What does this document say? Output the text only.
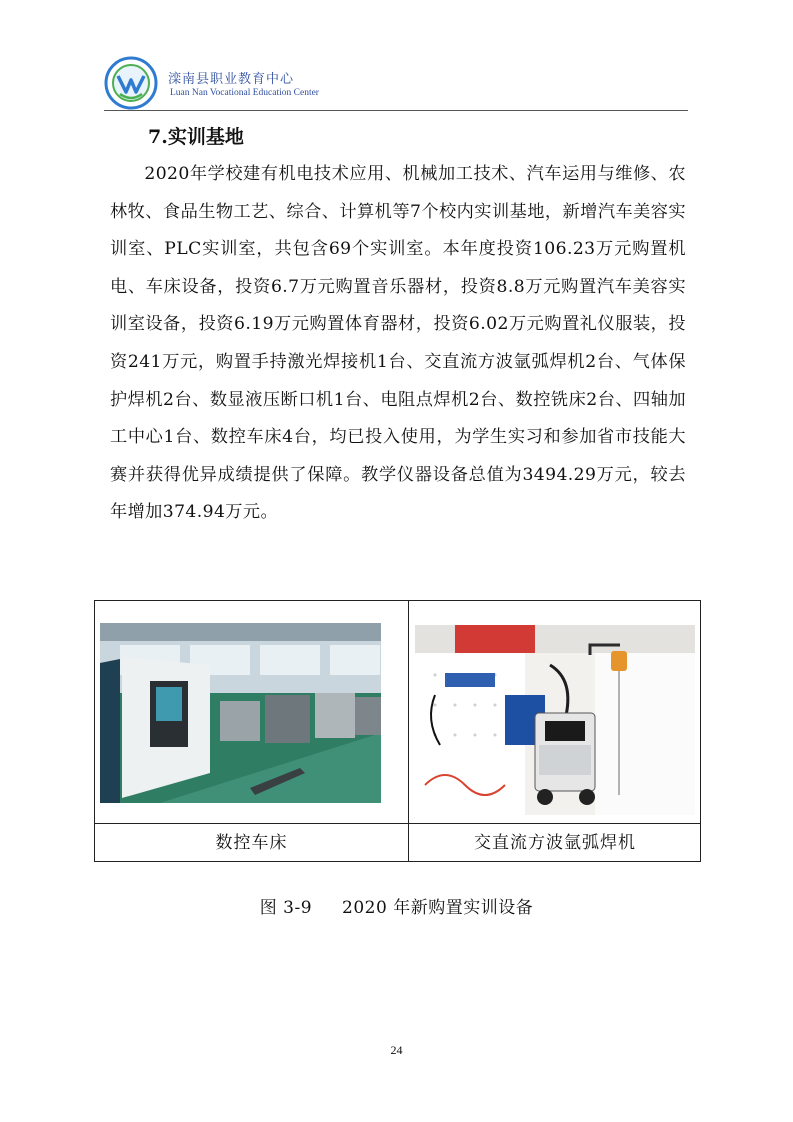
滦南县职业教育中心
Luan Nan Vocational Education Center
7.实训基地
2020年学校建有机电技术应用、机械加工技术、汽车运用与维修、农林牧、食品生物工艺、综合、计算机等7个校内实训基地，新增汽车美容实训室、PLC实训室，共包含69个实训室。本年度投资106.23万元购置机电、车床设备，投资6.7万元购置音乐器材，投资8.8万元购置汽车美容实训室设备，投资6.19万元购置体育器材，投资6.02万元购置礼仪服装，投资241万元，购置手持激光焊接机1台、交直流方波氩弧焊机2台、气体保护焊机2台、数显液压断口机1台、电阻点焊机2台、数控铣床2台、四轴加工中心1台、数控车床4台，均已投入使用，为学生实习和参加省市技能大赛并获得优异成绩提供了保障。教学仪器设备总值为3494.29万元，较去年增加374.94万元。
数控车床	交直流方波氩弧焊机
图 3-9 2020 年新购置实训设备
24
